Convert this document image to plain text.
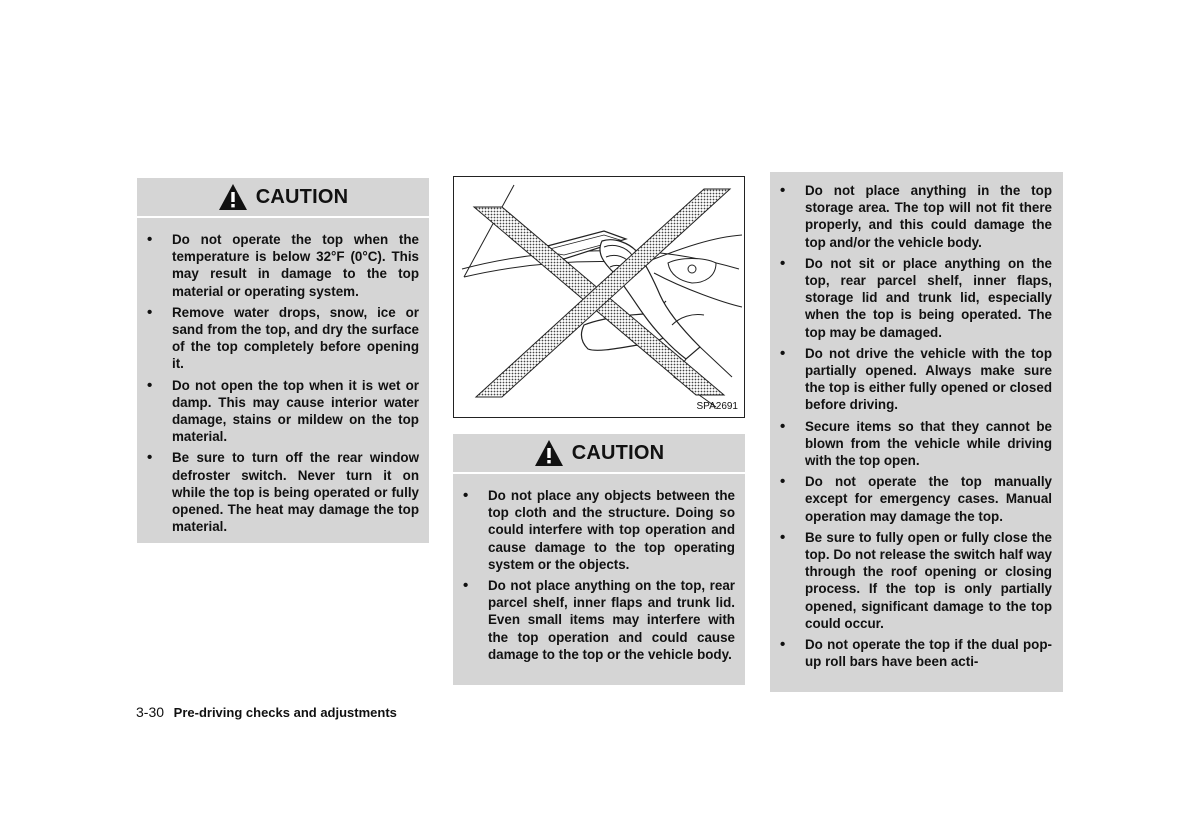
CAUTION
• Do not operate the top when the temperature is below 32°F (0°C). This may result in damage to the top material or operating system.
• Remove water drops, snow, ice or sand from the top, and dry the surface of the top completely before opening it.
• Do not open the top when it is wet or damp. This may cause interior water damage, stains or mildew on the top material.
• Be sure to turn off the rear window defroster switch. Never turn it on while the top is being operated or fully opened. The heat may damage the top material.
SPA2691
CAUTION
• Do not place any objects between the top cloth and the structure. Doing so could interfere with top operation and cause damage to the top operating system or the objects.
• Do not place anything on the top, rear parcel shelf, inner flaps and trunk lid. Even small items may interfere with the top operation and could cause damage to the top or the vehicle body.
• Do not place anything in the top storage area. The top will not fit there properly, and this could damage the top and/or the vehicle body.
• Do not sit or place anything on the top, rear parcel shelf, inner flaps, storage lid and trunk lid, especially when the top is being operated. The top may be damaged.
• Do not drive the vehicle with the top partially opened. Always make sure the top is either fully opened or closed before driving.
• Secure items so that they cannot be blown from the vehicle while driving with the top open.
• Do not operate the top manually except for emergency cases. Manual operation may damage the top.
• Be sure to fully open or fully close the top. Do not release the switch half way through the roof opening or closing process. If the top is only partially opened, significant damage to the top could occur.
• Do not operate the top if the dual pop-up roll bars have been acti-
3-30 Pre-driving checks and adjustments
